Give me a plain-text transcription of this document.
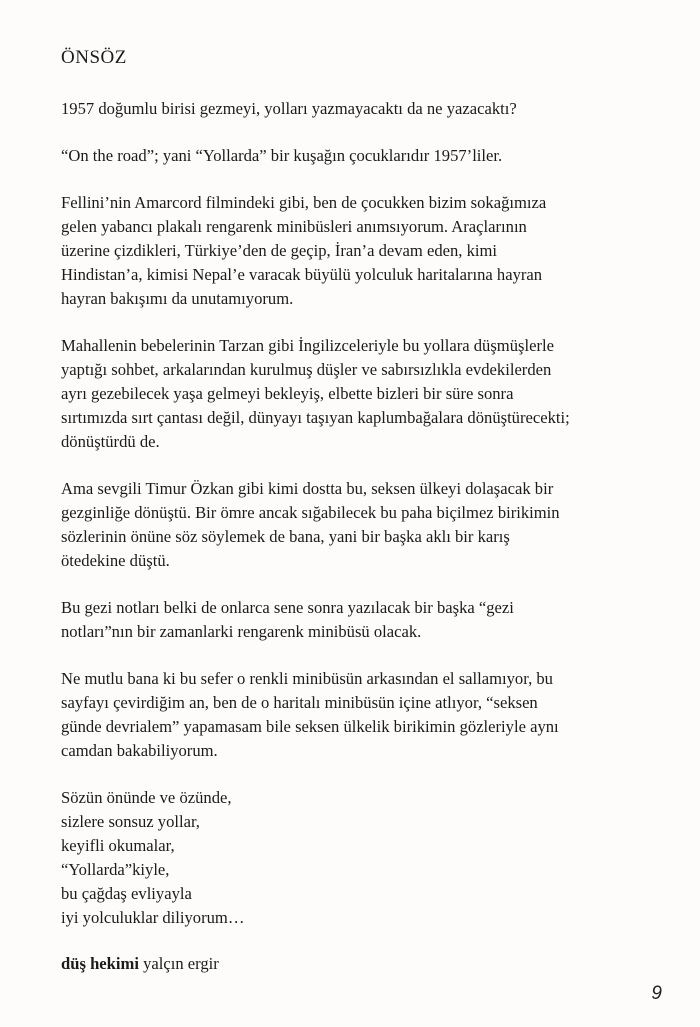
ÖNSÖZ

1957 doğumlu birisi gezmeyi, yolları yazmayacaktı da ne yazacaktı?

“On the road”; yani “Yollarda” bir kuşağın çocuklarıdır 1957’liler.

Fellini’nin Amarcord filmindeki gibi, ben de çocukken bizim sokağımıza
gelen yabancı plakalı rengarenk minibüsleri anımsıyorum. Araçlarının
üzerine çizdikleri, Türkiye’den de geçip, İran’a devam eden, kimi
Hindistan’a, kimisi Nepal’e varacak büyülü yolculuk haritalarına hayran
hayran bakışımı da unutamıyorum.

Mahallenin bebelerinin Tarzan gibi İngilizceleriyle bu yollara düşmüşlerle
yaptığı sohbet, arkalarından kurulmuş düşler ve sabırsızlıkla evdekilerden
ayrı gezebilecek yaşa gelmeyi bekleyiş, elbette bizleri bir süre sonra
sırtımızda sırt çantası değil, dünyayı taşıyan kaplumbağalara dönüştürecekti;
dönüştürdü de.

Ama sevgili Timur Özkan gibi kimi dostta bu, seksen ülkeyi dolaşacak bir
gezginliğe dönüştü. Bir ömre ancak sığabilecek bu paha biçilmez birikimin
sözlerinin önüne söz söylemek de bana, yani bir başka aklı bir karış
ötedekine düştü.

Bu gezi notları belki de onlarca sene sonra yazılacak bir başka “gezi
notları”nın bir zamanlarki rengarenk minibüsü olacak.

Ne mutlu bana ki bu sefer o renkli minibüsün arkasından el sallamıyor, bu
sayfayı çevirdiğim an, ben de o haritalı minibüsün içine atlıyor, “seksen
günde devrialem” yapamasam bile seksen ülkelik birikimin gözleriyle aynı
camdan bakabiliyorum.

Sözün önünde ve özünde,
sizlere sonsuz yollar,
keyifli okumalar,
“Yollarda”kiyle,
bu çağdaş evliyayla
iyi yolculuklar diliyorum…
düş hekimi yalçın ergir
9
